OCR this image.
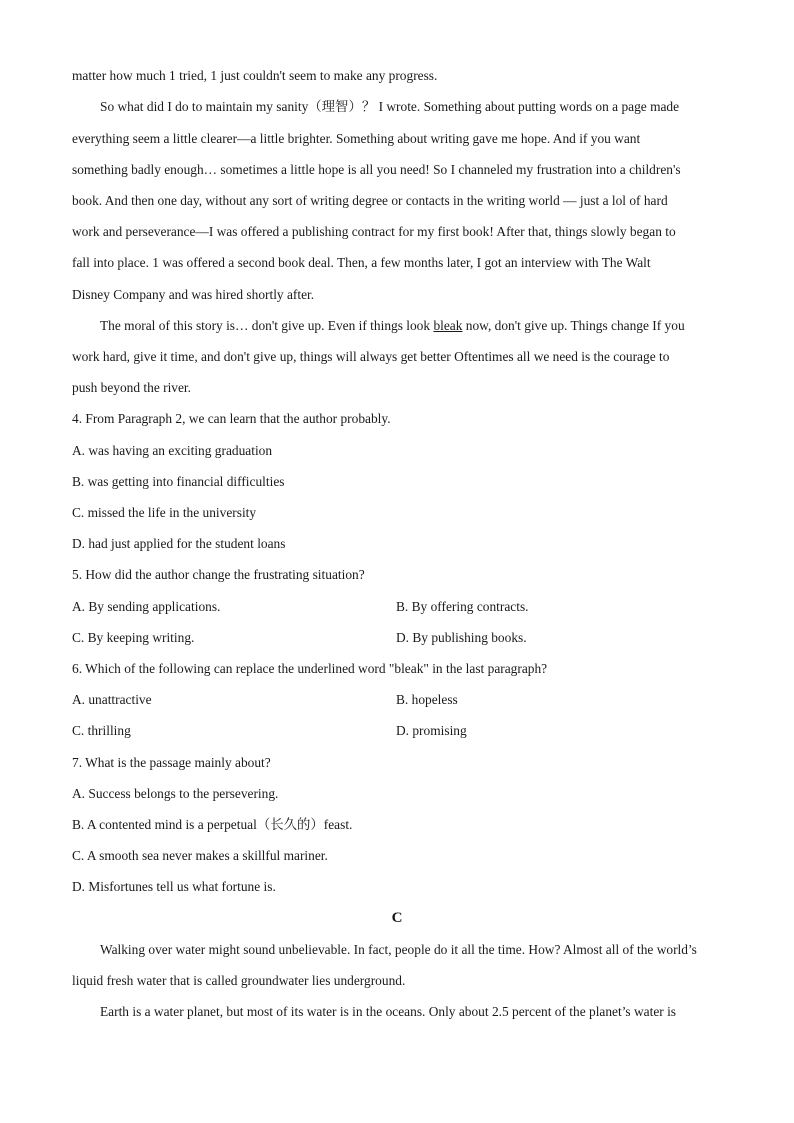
matter how much 1 tried, 1 just couldn't seem to make any progress.
So what did I do to maintain my sanity（理智）？ I wrote. Something about putting words on a page made
everything seem a little clearer—a little brighter. Something about writing gave me hope. And if you want
something badly enough… sometimes a little hope is all you need! So I channeled my frustration into a children's
book. And then one day, without any sort of writing degree or contacts in the writing world — just a lol of hard
work and perseverance—I was offered a publishing contract for my first book! After that, things slowly began to
fall into place. 1 was offered a second book deal. Then, a few months later, I got an interview with The Walt
Disney Company and was hired shortly after.
The moral of this story is… don't give up. Even if things look bleak now, don't give up. Things change If you
work hard, give it time, and don't give up, things will always get better Oftentimes all we need is the courage to
push beyond the river.
4. From Paragraph 2, we can learn that the author probably.
A. was having an exciting graduation
B. was getting into financial difficulties
C. missed the life in the university
D. had just applied for the student loans
5. How did the author change the frustrating situation?
A. By sending applications.	B. By offering contracts.
C. By keeping writing.	D. By publishing books.
6. Which of the following can replace the underlined word "bleak" in the last paragraph?
A. unattractive	B. hopeless
C. thrilling	D. promising
7. What is the passage mainly about?
A. Success belongs to the persevering.
B. A contented mind is a perpetual（长久的）feast.
C. A smooth sea never makes a skillful mariner.
D. Misfortunes tell us what fortune is.
C
Walking over water might sound unbelievable. In fact, people do it all the time. How? Almost all of the world’s
liquid fresh water that is called groundwater lies underground.
Earth is a water planet, but most of its water is in the oceans. Only about 2.5 percent of the planet’s water is
